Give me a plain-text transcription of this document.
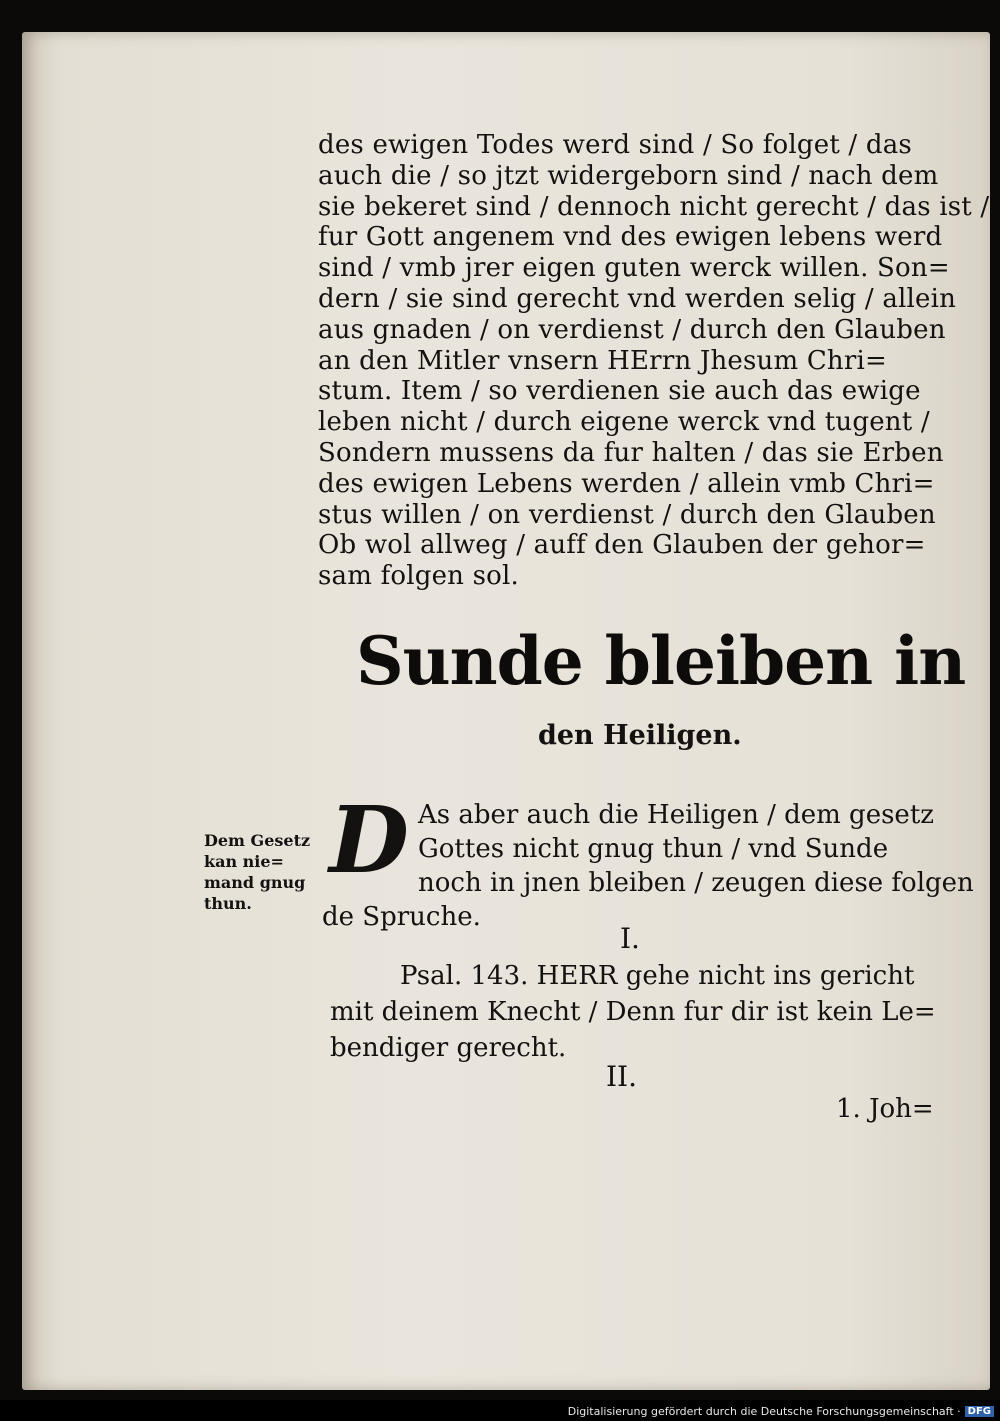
des ewigen Todes werd sind / So folget / das
auch die / so jtzt widergeborn sind / nach dem
sie bekeret sind / dennoch nicht gerecht / das ist /
fur Gott angenem vnd des ewigen lebens werd
sind / vmb jrer eigen guten werck willen. Son=
dern / sie sind gerecht vnd werden selig / allein
aus gnaden / on verdienst / durch den Glauben
an den Mitler vnsern HErrn Jhesum Chri=
stum. Item / so verdienen sie auch das ewige
leben nicht / durch eigene werck vnd tugent /
Sondern mussens da fur halten / das sie Erben
des ewigen Lebens werden / allein vmb Chri=
stus willen / on verdienst / durch den Glauben
Ob wol allweg / auff den Glauben der gehor=
sam folgen sol.
Sunde bleiben in
den Heiligen.
Dem Gesetz
kan nie=
mand gnug
thun.
D As aber auch die Heiligen / dem gesetz
Gottes nicht gnug thun / vnd Sunde
noch in jnen bleiben / zeugen diese folgen
de Spruche.
I.
Psal. 143. HERR gehe nicht ins gericht
mit deinem Knecht / Denn fur dir ist kein Le=
bendiger gerecht.
II.
1. Joh=
Digitalisierung gefördert durch die Deutsche Forschungsgemeinschaft · DFG
